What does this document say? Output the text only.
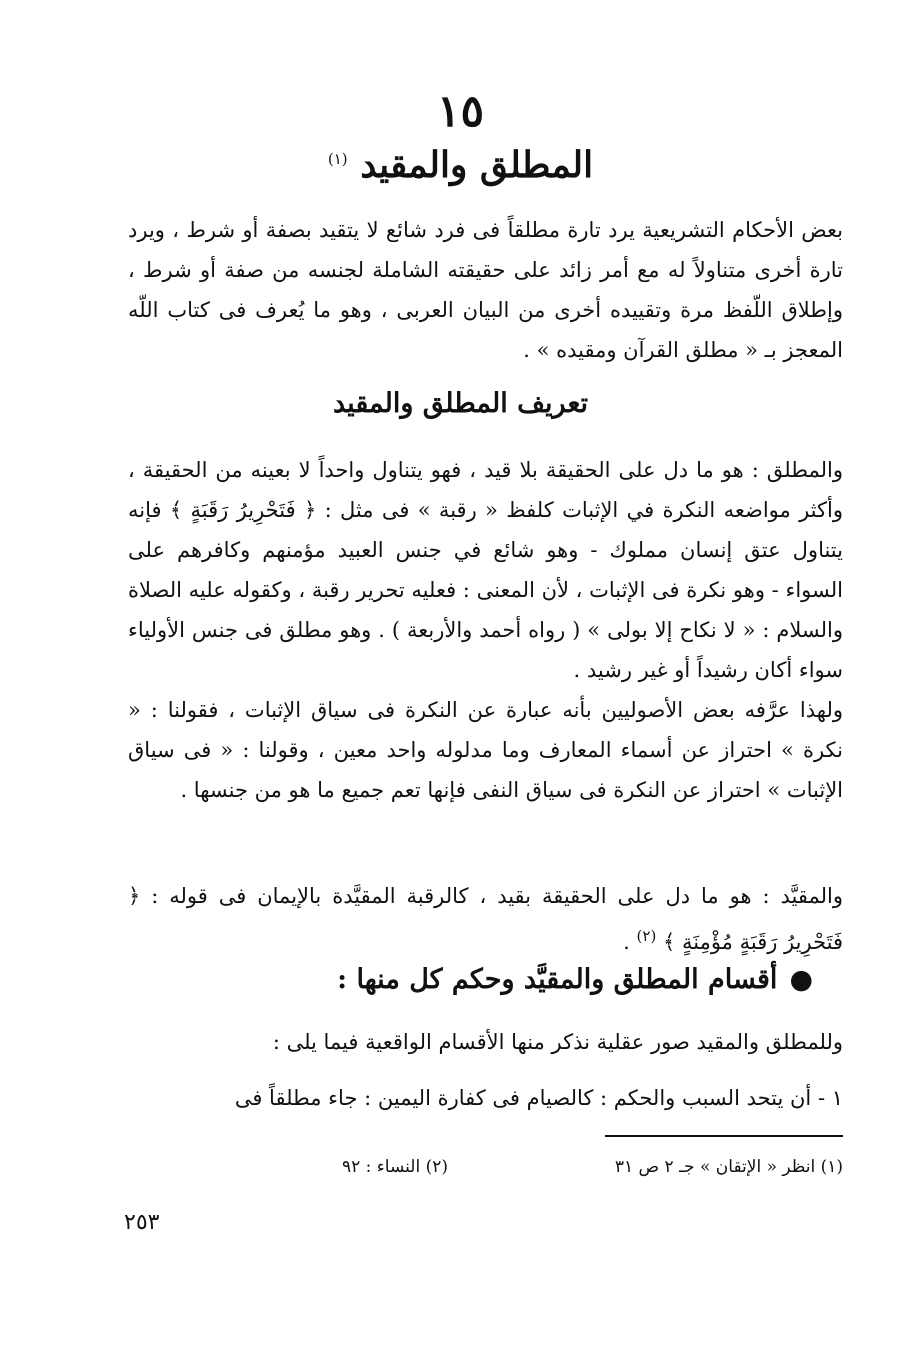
١٥
المطلق والمقيد $^{(١)}$

بعض الأحكام التشريعية يرد تارة مطلقاً فى فرد شائع لا يتقيد بصفة أو شرط ، ويرد تارة أخرى متناولاً له مع أمر زائد على حقيقته الشاملة لجنسه من صفة أو شرط ، وإطلاق اللّفظ مرة وتقييده أخرى من البيان العربى ، وهو ما يُعرف فى كتاب اللّه المعجز بـ « مطلق القرآن ومقيده » .

تعريف المطلق والمقيد

والمطلق : هو ما دل على الحقيقة بلا قيد ، فهو يتناول واحداً لا بعينه من الحقيقة ، وأكثر مواضعه النكرة في الإثبات كلفظ « رقبة » فى مثل : ﴿ فَتَحْرِيرُ رَقَبَةٍ ﴾ فإنه يتناول عتق إنسان مملوك - وهو شائع في جنس العبيد مؤمنهم وكافرهم على السواء - وهو نكرة فى الإثبات ، لأن المعنى : فعليه تحرير رقبة ، وكقوله عليه الصلاة والسلام : « لا نكاح إلا بولى » ( رواه أحمد والأربعة ) . وهو مطلق فى جنس الأولياء سواء أكان رشيداً أو غير رشيد .

ولهذا عرَّفه بعض الأصوليين بأنه عبارة عن النكرة فى سياق الإثبات ، فقولنا : « نكرة » احتراز عن أسماء المعارف وما مدلوله واحد معين ، وقولنا : « فى سياق الإثبات » احتراز عن النكرة فى سياق النفى فإنها تعم جميع ما هو من جنسها .

والمقيَّد : هو ما دل على الحقيقة بقيد ، كالرقبة المقيَّدة بالإيمان فى قوله : ﴿ فَتَحْرِيرُ رَقَبَةٍ مُؤْمِنَةٍ ﴾ $^{(٢)}$ .

●أقسام المطلق والمقيَّد وحكم كل منها :

وللمطلق والمقيد صور عقلية نذكر منها الأقسام الواقعية فيما يلى :

١ - أن يتحد السبب والحكم : كالصيام فى كفارة اليمين : جاء مطلقاً فى

(١) انظر « الإتقان » جـ ٢ ص ٣١
(٢) النساء : ٩٢
٢٥٣
